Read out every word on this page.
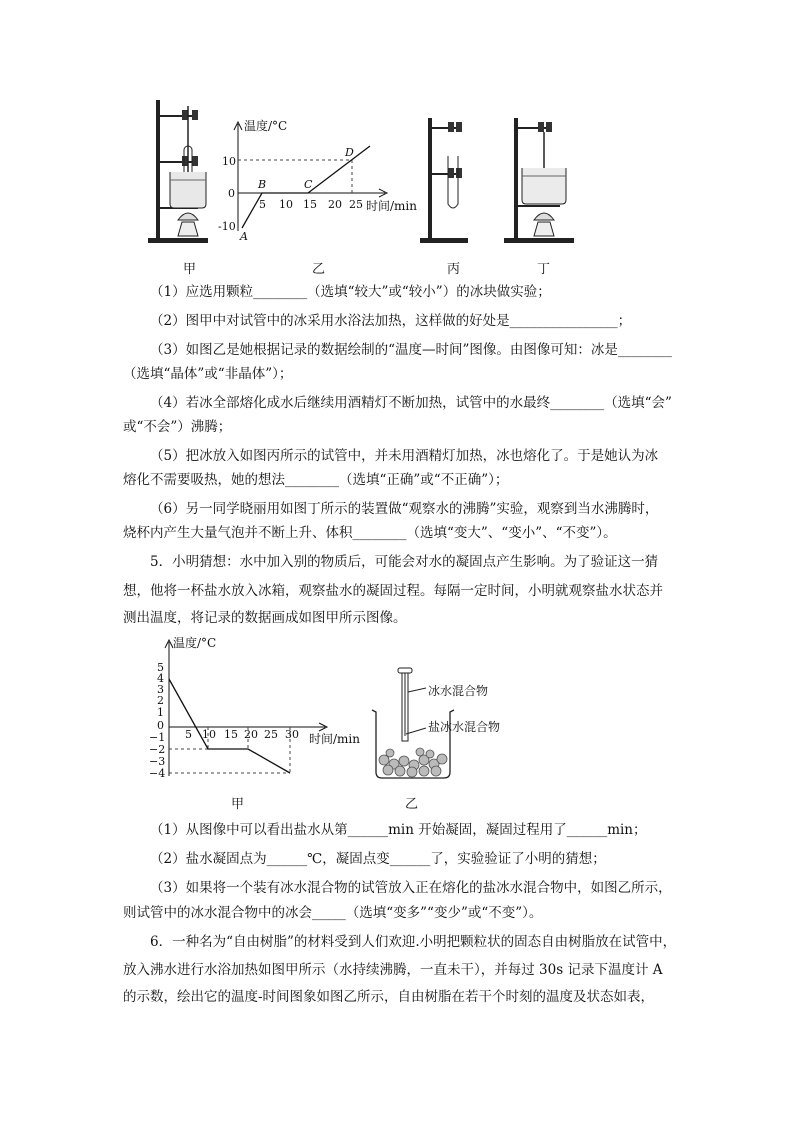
温度/°C
时间/min
10
0
-10
5 10 15 20 25
A
B	C
D
甲	乙	丙	丁
（1）应选用颗粒________（选填“较大”或“较小”）的冰块做实验；
（2）图甲中对试管中的冰采用水浴法加热，这样做的好处是________________；
（3）如图乙是她根据记录的数据绘制的“温度—时间”图像。由图像可知：冰是________
（选填“晶体”或“非晶体”）；
（4）若冰全部熔化成水后继续用酒精灯不断加热，试管中的水最终________（选填“会”
或“不会”）沸腾；
（5）把冰放入如图丙所示的试管中，并未用酒精灯加热，冰也熔化了。于是她认为冰
熔化不需要吸热，她的想法________（选填“正确”或“不正确”）；
（6）另一同学晓丽用如图丁所示的装置做“观察水的沸腾”实验，观察到当水沸腾时，
烧杯内产生大量气泡并不断上升、体积________（选填“变大”、“变小”、“不变”）。
5．小明猜想：水中加入别的物质后，可能会对水的凝固点产生影响。为了验证这一猜
想，他将一杯盐水放入冰箱，观察盐水的凝固过程。每隔一定时间，小明就观察盐水状态并
测出温度，将记录的数据画成如图甲所示图像。
温度/°C
时间/min
5
4
3
2
1
0
−1
−2
−3
−4
5 10 15 20 25 30
冰水混合物
盐冰水混合物
甲	乙
（1）从图像中可以看出盐水从第______min 开始凝固，凝固过程用了______min；
（2）盐水凝固点为______℃，凝固点变______了，实验验证了小明的猜想；
（3）如果将一个装有冰水混合物的试管放入正在熔化的盐冰水混合物中，如图乙所示，
则试管中的冰水混合物中的冰会_____（选填“变多”“变少”或“不变”）。
6．一种名为“自由树脂”的材料受到人们欢迎.小明把颗粒状的固态自由树脂放在试管中，
放入沸水进行水浴加热如图甲所示（水持续沸腾，一直未干），并每过 30s 记录下温度计 A
的示数，绘出它的温度-时间图象如图乙所示，自由树脂在若干个时刻的温度及状态如表，
